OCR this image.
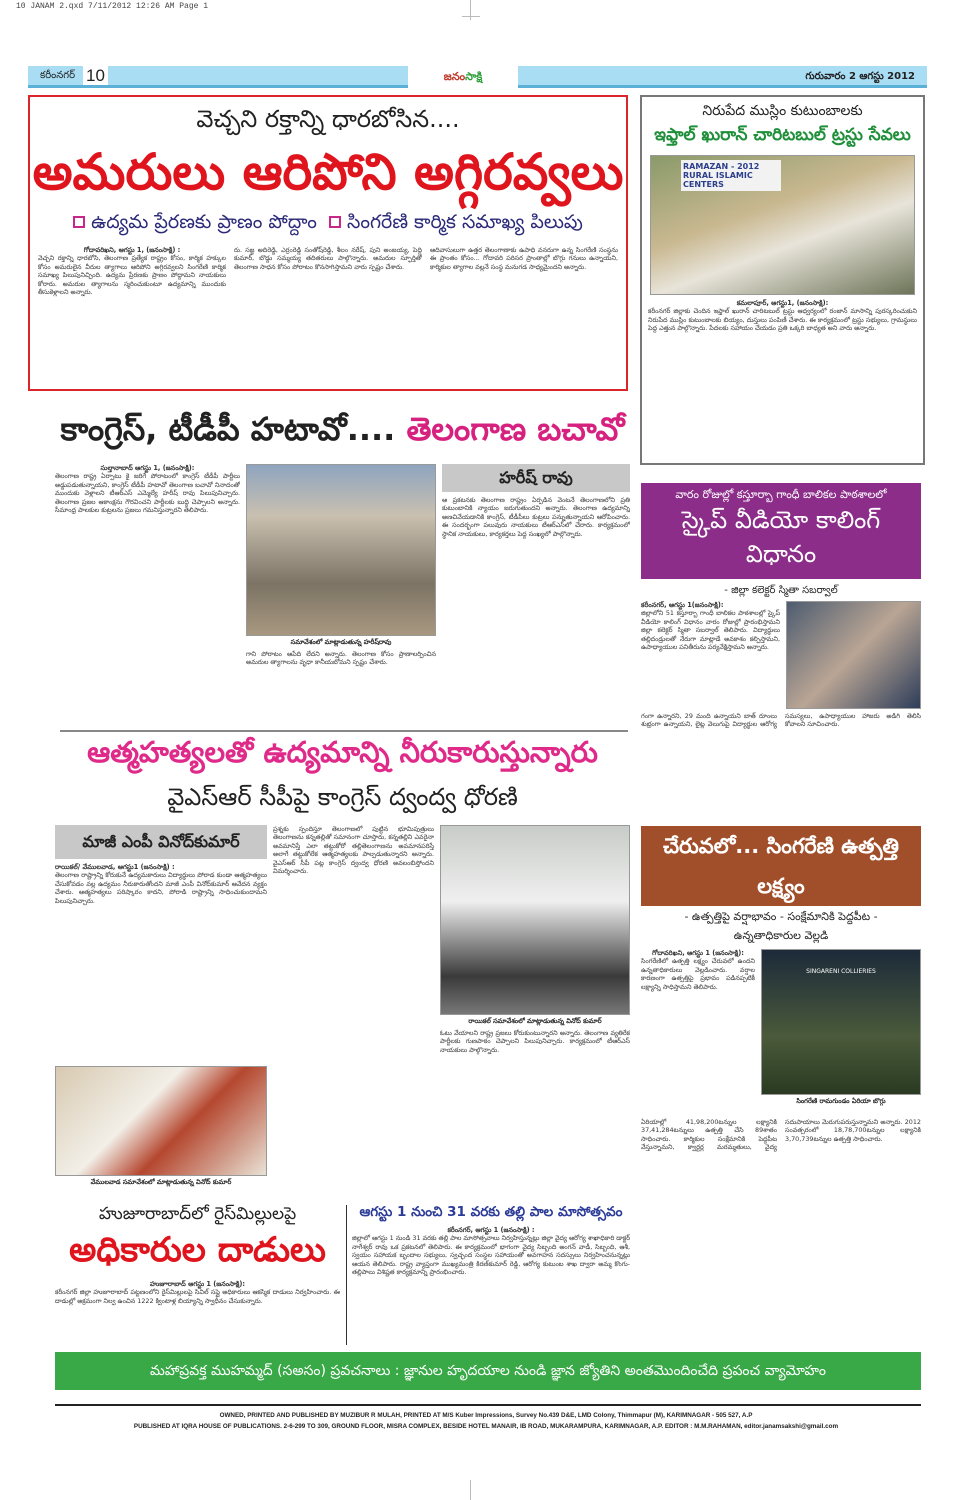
10 JANAM 2.qxd 7/11/2012 12:26 AM Page 1
కరీంనగర్ 10	జనంసాక్షి	గురువారం 2 ఆగస్టు 2012
వెచ్చని రక్తాన్ని ధారబోసిన....
అమరులు ఆరిపోని అగ్గిరవ్వలు
ఉద్యమ ప్రేరణకు ప్రాణం పోద్దాం సింగరేణి కార్మిక సమాఖ్య పిలుపు
గోదావరిఖని, ఆగస్టు 1, (జనంసాక్షి) :
వెచ్చని రక్తాన్ని ధారబోసి, తెలంగాణ ప్రత్యేక రాష్ట్రం కోసం, కార్మిక హక్కుల కోసం అమరులైన వీరుల త్యాగాలు ఆరిపోని అగ్గిరవ్వలని సింగరేణి కార్మిక సమాఖ్య పిలుపునిచ్చింది. ఉద్యమ ప్రేరణకు ప్రాణం పోద్దామని నాయకులు కోరారు. అమరుల త్యాగాలను స్మరించుకుంటూ ఉద్యమాన్ని ముందుకు తీసుకెళ్లాలని అన్నారు.
రు. సజ్జ అదిరెడ్డి, ఎర్రంరెడ్డి సంతోష్‌రెడ్డి, శీలం నరేష్, పుని అంజయ్య, పెద్ది కుమార్, బొడ్డు సమ్మయ్య తదితరులు పాల్గొన్నారు. అమరుల స్ఫూర్తితో తెలంగాణ సాధన కోసం పోరాటం కొనసాగిస్తామని వారు స్పష్టం చేశారు.
ఆదివాసులుగా ఉత్తర తెలంగాణాకు ఉపాధి వనరుగా ఉన్న సింగరేణి సంస్థను ఈ ప్రాంతం కోసం... గోదావరి పరిసర ప్రాంతాల్లో బొగ్గు గనులు ఉన్నాయని, కార్మికుల త్యాగాల వల్లనే సంస్థ మనుగడ సాధ్యమైందని అన్నారు.
నిరుపేద ముస్లిం కుటుంబాలకు
ఇఫ్తాల్ ఖురాన్ చారిటబుల్ ట్రస్టు సేవలు
RAMAZAN - 2012 RURAL ISLAMIC CENTERS
కమలాపూర్, ఆగస్టు1, (జనంసాక్షి):
కరీంనగర్ జిల్లాకు చెందిన ఇఫ్తాల్ ఖురాన్ చారిటబుల్ ట్రస్టు ఆధ్వర్యంలో రంజాన్ మాసాన్ని పురస్కరించుకుని నిరుపేద ముస్లిం కుటుంబాలకు బియ్యం, దుస్తులు పంపిణీ చేశారు. ఈ కార్యక్రమంలో ట్రస్టు సభ్యులు, గ్రామస్థులు పెద్ద ఎత్తున పాల్గొన్నారు. పేదలకు సహాయం చేయడం ప్రతి ఒక్కరి బాధ్యత అని వారు అన్నారు.
వారం రోజుల్లో కస్తూర్బా గాంధీ బాలికల పాఠశాలలో
స్కైప్ వీడియో కాలింగ్ విధానం
- జిల్లా కలెక్టర్ స్మితా సబర్వాల్
కరీంనగర్, ఆగస్టు 1(జనంసాక్షి):
జిల్లాలోని 51 కస్తూర్బా గాంధీ బాలికల పాఠశాలల్లో స్కైప్ వీడియో కాలింగ్ విధానం వారం రోజుల్లో ప్రారంభిస్తామని జిల్లా కలెక్టర్ స్మితా సబర్వాల్ తెలిపారు. విద్యార్థులు తల్లిదండ్రులతో నేరుగా మాట్లాడే అవకాశం కల్పిస్తామని, ఉపాధ్యాయుల పనితీరును పర్యవేక్షిస్తామని అన్నారు.
గంగా ఉన్నారని, 29 మంది ఉన్నాయని బాత్ రూంలు శుభ్రంగా ఉన్నాయని, లైట్ల వెలుగుపై విద్యార్థుల ఆరోగ్య సమస్యలు, ఉపాధ్యాయుల హాజరు అడిగి తెలిసి కోవాలని సూచించారు.
కాంగ్రెస్, టీడీపీ హటావో.... తెలంగాణ బచావో
సుల్తానాబాద్ ఆగస్టు 1, (జనంసాక్షి):
తెలంగాణ రాష్ట్ర ఏర్పాటు కై జరిగే పోరాటంలో కాంగ్రెస్ టీడీపీ పార్టీలు అడ్డుపడుతున్నాయని, కాంగ్రెస్ టీడీపీ హటావో తెలంగాణ బచావో నినాదంతో ముందుకు వెళ్లాలని టీఆర్ఎస్ ఎమ్మెల్యే హరీష్ రావు పిలుపునిచ్చారు. తెలంగాణ ప్రజల ఆకాంక్షను గౌరవించని పార్టీలకు బుద్ధి చెప్పాలని అన్నారు. సీమాంధ్ర పాలకుల కుట్రలను ప్రజలు గమనిస్తున్నారని తెలిపారు.
సమావేశంలో మాట్లాడుతున్న హరీష్‌రావు
గాని పోరాటం ఆపేది లేదని అన్నారు. తెలంగాణ కోసం ప్రాణాలర్పించిన అమరుల త్యాగాలను వృధా కానీయబోమని స్పష్టం చేశారు.
హరీష్ రావు
ఆ ప్రకటనకు తెలంగాణ రాష్ట్రం ఏర్పడిన వెంటనే తెలంగాణలోని ప్రతి కుటుంబానికి న్యాయం జరుగుతుందని అన్నారు. తెలంగాణ ఉద్యమాన్ని అణచివేయడానికి కాంగ్రెస్, టీడీపీలు కుట్రలు పన్నుతున్నాయని ఆరోపించారు. ఈ సందర్భంగా పలువురు నాయకులు టీఆర్ఎస్‌లో చేరారు. కార్యక్రమంలో స్థానిక నాయకులు, కార్యకర్తలు పెద్ద సంఖ్యలో పాల్గొన్నారు.
ఆత్మహత్యలతో ఉద్యమాన్ని నీరుకారుస్తున్నారు
వైఎస్ఆర్ సీపీపై కాంగ్రెస్ ద్వంద్వ ధోరణి
మాజీ ఎంపీ వినోద్‌కుమార్
రాయికల్/ వేములవాడ, ఆగస్టు1 (జనంసాక్షి) :
తెలంగాణ రాష్ట్రాన్ని కోరుకునే ఉద్యమకారులు విద్యార్థులు పోరాడ కుండా ఆత్మహత్యలు చేసుకోవడం వల్ల ఉద్యమం నీరుకారుతోందని మాజీ ఎంపీ వినోద్‌కుమార్ ఆవేదన వ్యక్తం చేశారు. ఆత్మహత్యలు పరిష్కారం కాదని, పోరాడి రాష్ట్రాన్ని సాధించుకుందామని పిలుపునిచ్చారు.
వేములవాడ సమావేశంలో మాట్లాడుతున్న వినోద్ కుమార్
ప్రశ్నకు స్పందిస్తూ తెలంగాణలో పుట్టిన భూమిపుత్రులు తెలంగాణను కన్నతల్లితో సమానంగా చూస్తారు, కన్నతల్లిని ఎవరైనా అవమానిస్తే ఎలా తట్టుకోరో తల్లితెలంగాణను అవమానపరిస్తే అలాగే తట్టుకోలేక ఆత్మహత్యలకు పాల్పడుతున్నారని అన్నారు. వైఎస్ఆర్ సీపీ పట్ల కాంగ్రెస్ ద్వంద్వ ధోరణి అవలంబిస్తోందని విమర్శించారు.
రాయికల్ సమావేశంలో మాట్లాడుతున్న వినోద్ కుమార్
ఓటు వేయాలని రాష్ట్ర ప్రజలు కోరుకుంటున్నారని అన్నారు. తెలంగాణ వ్యతిరేక పార్టీలకు గుణపాఠం చెప్పాలని పిలుపునిచ్చారు. కార్యక్రమంలో టీఆర్ఎస్ నాయకులు పాల్గొన్నారు.
చేరువలో... సింగరేణి ఉత్పత్తి లక్ష్యం
- ఉత్పత్తిపై వర్షాభావం - సంక్షేమానికి పెద్దపీట -
ఉన్నతాధికారుల వెల్లడి
గోదావరిఖని, ఆగస్టు 1 (జనంసాక్షి):
సింగరేణిలో ఉత్పత్తి లక్ష్యం చేరువలో ఉందని ఉన్నతాధికారులు వెల్లడించారు. వర్షాల కారణంగా ఉత్పత్తిపై ప్రభావం పడినప్పటికీ లక్ష్యాన్ని సాధిస్తామని తెలిపారు.
SINGARENI COLLIERIES
సింగరేణి రామగుండం ఏరియా బొగ్గు
ఏరియాల్లో 41,98,200టన్నుల లక్ష్యానికి 37,41,284టన్నులు ఉత్పత్తి చేసి 89శాతం సాధించారు. కార్మికుల సంక్షేమానికి పెద్దపీట వేస్తున్నామని, క్వార్టర్ల మరమ్మతులు, వైద్య సదుపాయాలు మెరుగుపరుస్తున్నామని అన్నారు. 2012 సంవత్సరంలో 18,78,700టన్నుల లక్ష్యానికి 3,70,739టన్నుల ఉత్పత్తి సాధించారు.
హుజూరాబాద్‌లో రైస్‌మిల్లులపై
అధికారుల దాడులు
హుజూరాబాద్ ఆగస్టు 1 (జనంసాక్షి):
కరీంనగర్ జిల్లా హుజూరాబాద్ పట్టణంలోని రైస్‌మిల్లులపై సివిల్ సప్లై అధికారులు ఆకస్మిక దాడులు నిర్వహించారు. ఈ దాడుల్లో అక్రమంగా నిల్వ ఉంచిన 1222 క్వింటాళ్ల బియ్యాన్ని స్వాధీనం చేసుకున్నారు.
ఆగస్టు 1 నుంచి 31 వరకు తల్లి పాల మాసోత్సవం
కరీంనగర్, ఆగస్టు 1 (జనంసాక్షి) :
జిల్లాలో ఆగస్టు 1 నుండి 31 వరకు తల్లి పాల మాసోత్సవాలు నిర్వహిస్తున్నట్లు జిల్లా వైద్య ఆరోగ్య శాఖాధికారి డాక్టర్ నాగేశ్వర్ రావు ఒక ప్రకటనలో తెలిపారు. ఈ కార్యక్రమంలో భాగంగా వైద్య సిబ్బంది అంగన్ వాడీ, సిబ్బంది, ఆశీ, స్వయం సహాయక బృందాల సభ్యులు, స్వచ్ఛంద సంస్థల సహాయంతో అవగాహన సదస్సులు నిర్వహించనున్నట్లు ఆయన తెలిపారు. రాష్ట్ర వ్యాప్తంగా ముఖ్యమంత్రి కిరణ్‌కుమార్ రెడ్డి, ఆరోగ్య కుటుంబ శాఖ ద్వారా అమ్మ కొంగు- తల్లిపాలు విశిష్టత కార్యక్రమాన్ని ప్రారంభించారు.
మహాప్రవక్త ముహమ్మద్ (సఅసం) ప్రవచనాలు : జ్ఞానుల హృదయాల నుండి జ్ఞాన జ్యోతిని అంతమొందించేది ప్రపంచ వ్యామోహం
OWNED, PRINTED AND PUBLISHED BY MUZIBUR R MULAH, PRINTED AT M/S Kuber Impressions, Survey No.439 D&E, LMD Colony, Thimmapur (M), KARIMNAGAR - 505 527, A.P
PUBLISHED AT IQRA HOUSE OF PUBLICATIONS. 2-6-299 TO 309, GROUND FLOOR, MISRA COMPLEX, BESIDE HOTEL MANAIR, IB ROAD, MUKARAMPURA, KARIMNAGAR, A.P. EDITOR : M.M.RAHAMAN, editor.janamsakshi@gmail.com
